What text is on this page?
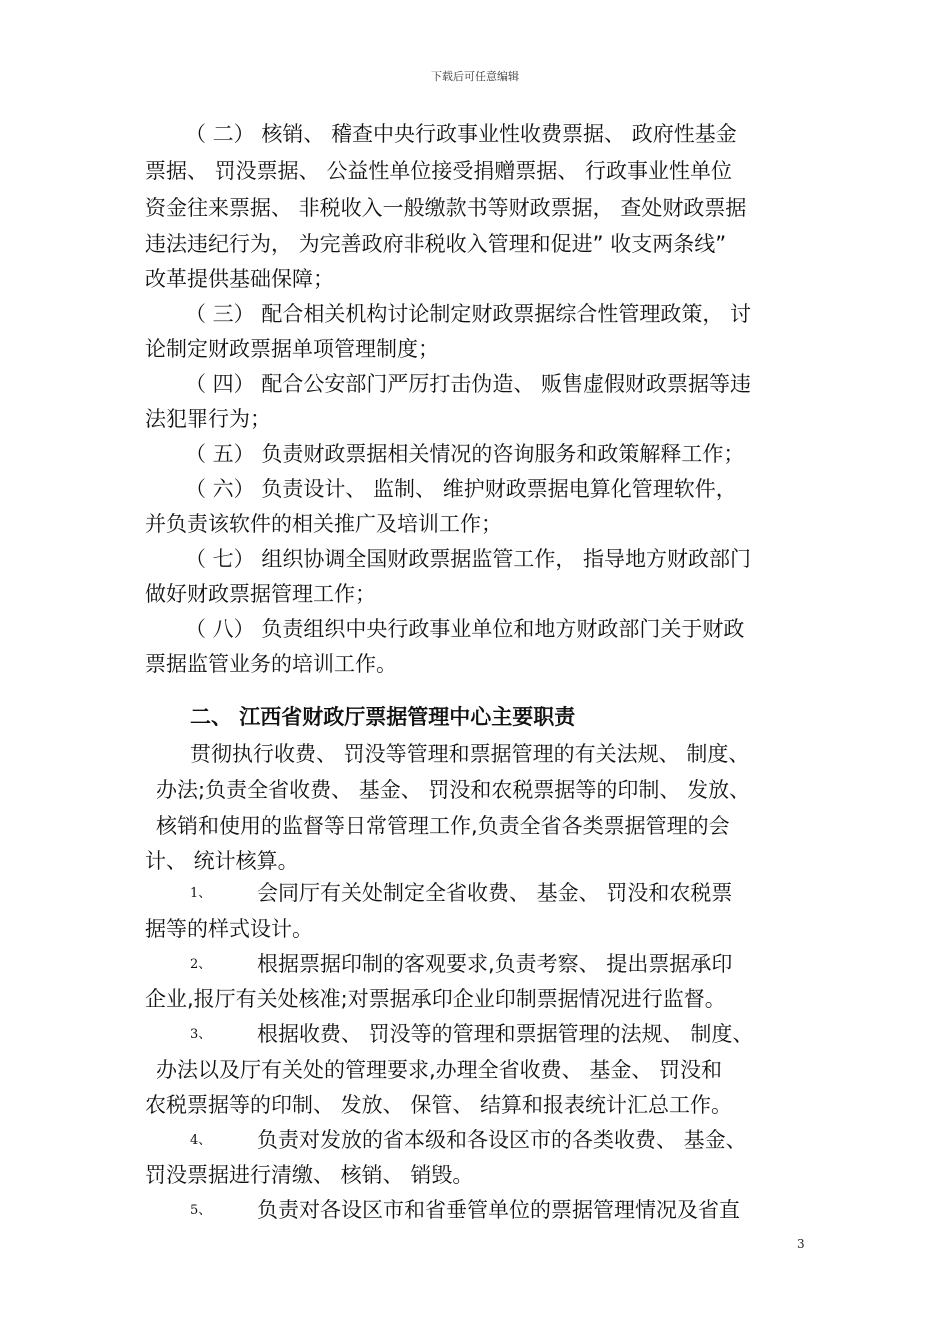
下载后可任意编辑
（ 二） 核销、 稽查中央行政事业性收费票据、 政府性基金
票据、 罚没票据、 公益性单位接受捐赠票据、 行政事业性单位
资金往来票据、 非税收入一般缴款书等财政票据， 查处财政票据
违法违纪行为， 为完善政府非税收入管理和促进” 收支两条线”
改革提供基础保障；
（ 三） 配合相关机构讨论制定财政票据综合性管理政策， 讨
论制定财政票据单项管理制度；
（ 四） 配合公安部门严厉打击伪造、 贩售虚假财政票据等违
法犯罪行为；
（ 五） 负责财政票据相关情况的咨询服务和政策解释工作；
（ 六） 负责设计、 监制、 维护财政票据电算化管理软件，
并负责该软件的相关推广及培训工作；
（ 七） 组织协调全国财政票据监管工作， 指导地方财政部门
做好财政票据管理工作；
（ 八） 负责组织中央行政事业单位和地方财政部门关于财政
票据监管业务的培训工作。
二、 江西省财政厅票据管理中心主要职责
贯彻执行收费、 罚没等管理和票据管理的有关法规、 制度、
办法;负责全省收费、 基金、 罚没和农税票据等的印制、 发放、
核销和使用的监督等日常管理工作,负责全省各类票据管理的会
计、 统计核算。
1、 会同厅有关处制定全省收费、 基金、 罚没和农税票
据等的样式设计。
2、 根据票据印制的客观要求,负责考察、 提出票据承印
企业,报厅有关处核准;对票据承印企业印制票据情况进行监督。
3、 根据收费、 罚没等的管理和票据管理的法规、 制度、
办法以及厅有关处的管理要求,办理全省收费、 基金、 罚没和
农税票据等的印制、 发放、 保管、 结算和报表统计汇总工作。
4、 负责对发放的省本级和各设区市的各类收费、 基金、
罚没票据进行清缴、 核销、 销毁。
5、 负责对各设区市和省垂管单位的票据管理情况及省直
3
